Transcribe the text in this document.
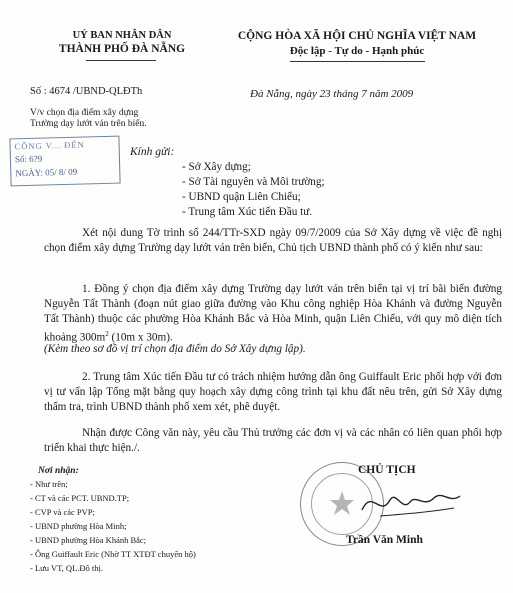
UỶ BAN NHÂN DÂN
THÀNH PHỐ ĐÀ NẴNG
CỘNG HÒA XÃ HỘI CHỦ NGHĨA VIỆT NAM
Độc lập - Tự do - Hạnh phúc
Số : 4674 /UBND-QLĐTh	Đà Nẵng, ngày 23 tháng 7 năm 2009
V/v chọn địa điểm xây dựng
Trường dạy lướt ván trên biển.
CÔNG V... ĐẾN
Số: 6?9
NGÀY: 05/ 8/ 09
Kính gửi:
- Sở Xây dựng;
- Sở Tài nguyên và Môi trường;
- UBND quận Liên Chiểu;
- Trung tâm Xúc tiến Đầu tư.
Xét nội dung Tờ trình số 244/TTr-SXD ngày 09/7/2009 của Sở Xây dựng về việc đề nghị chọn điểm xây dựng Trường dạy lướt ván trên biển, Chủ tịch UBND thành phố có ý kiến như sau:
1. Đồng ý chọn địa điểm xây dựng Trường dạy lướt ván trên biển tại vị trí bãi biển đường Nguyễn Tất Thành (đoạn nút giao giữa đường vào Khu công nghiệp Hòa Khánh và đường Nguyễn Tất Thành) thuộc các phường Hòa Khánh Bắc và Hòa Minh, quận Liên Chiểu, với quy mô diện tích khoảng $300m^2$ (10m x 30m).
(Kèm theo sơ đồ vị trí chọn địa điểm do Sở Xây dựng lập).
2. Trung tâm Xúc tiến Đầu tư có trách nhiệm hướng dẫn ông Guiffault Eric phối hợp với đơn vị tư vấn lập Tổng mặt bằng quy hoạch xây dựng công trình tại khu đất nêu trên, gửi Sở Xây dựng thẩm tra, trình UBND thành phố xem xét, phê duyệt.
Nhận được Công văn này, yêu cầu Thủ trưởng các đơn vị và các nhân có liên quan phối hợp triển khai thực hiện./.
Nơi nhận:
- Như trên;
- CT và các PCT. UBND.TP;
- CVP và các PVP;
- UBND phường Hòa Minh;
- UBND phường Hòa Khánh Bắc;
- Ông Guiffault Eric (Nhờ TT XTĐT chuyển hộ)
- Lưu VT, QL.Đô thị.
CHỦ TỊCH
Trần Văn Minh
